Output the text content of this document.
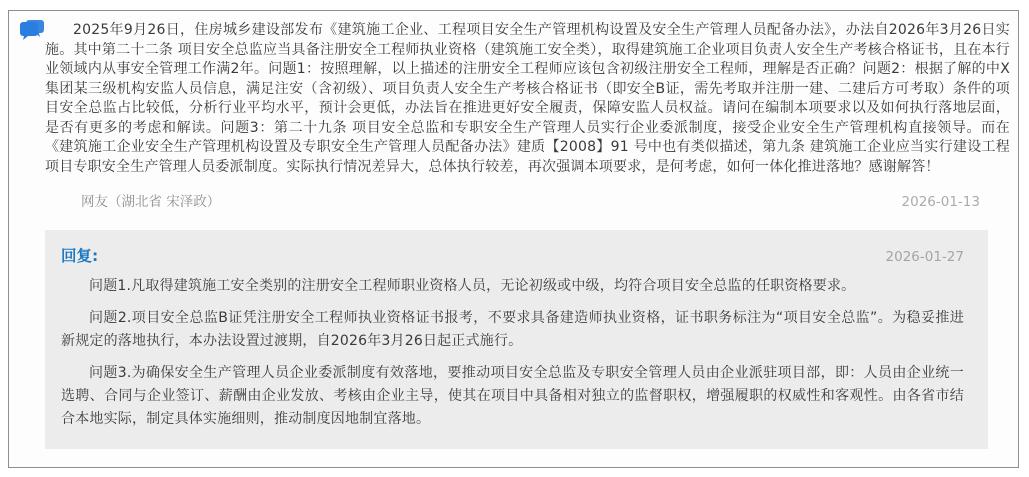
2025年9月26日，住房城乡建设部发布《建筑施工企业、工程项目安全生产管理机构设置及安全生产管理人员配备办法》，办法自2026年3月26日实施。其中第二十二条 项目安全总监应当具备注册安全工程师执业资格（建筑施工安全类），取得建筑施工企业项目负责人安全生产考核合格证书，且在本行业领域内从事安全管理工作满2年。问题1：按照理解，以上描述的注册安全工程师应该包含初级注册安全工程师，理解是否正确？问题2：根据了解的中X集团某三级机构安监人员信息，满足注安（含初级）、项目负责人安全生产考核合格证书（即安全B证，需先考取并注册一建、二建后方可考取）条件的项目安全总监占比较低，分析行业平均水平，预计会更低，办法旨在推进更好安全履责，保障安监人员权益。请问在编制本项要求以及如何执行落地层面，是否有更多的考虑和解读。问题3：第二十九条 项目安全总监和专职安全生产管理人员实行企业委派制度，接受企业安全生产管理机构直接领导。而在《建筑施工企业安全生产管理机构设置及专职安全生产管理人员配备办法》建质【2008】91 号中也有类似描述，第九条 建筑施工企业应当实行建设工程项目专职安全生产管理人员委派制度。实际执行情况差异大，总体执行较差，再次强调本项要求，是何考虑，如何一体化推进落地？感谢解答！

网友（湖北省 宋泽政）	2026-01-13
回复:	2026-01-27

问题1.凡取得建筑施工安全类别的注册安全工程师职业资格人员，无论初级或中级，均符合项目安全总监的任职资格要求。

问题2.项目安全总监B证凭注册安全工程师执业资格证书报考，不要求具备建造师执业资格，证书职务标注为“项目安全总监”。为稳妥推进新规定的落地执行，本办法设置过渡期，自2026年3月26日起正式施行。

问题3.为确保安全生产管理人员企业委派制度有效落地，要推动项目安全总监及专职安全管理人员由企业派驻项目部，即：人员由企业统一选聘、合同与企业签订、薪酬由企业发放、考核由企业主导，使其在项目中具备相对独立的监督职权，增强履职的权威性和客观性。由各省市结合本地实际，制定具体实施细则，推动制度因地制宜落地。
